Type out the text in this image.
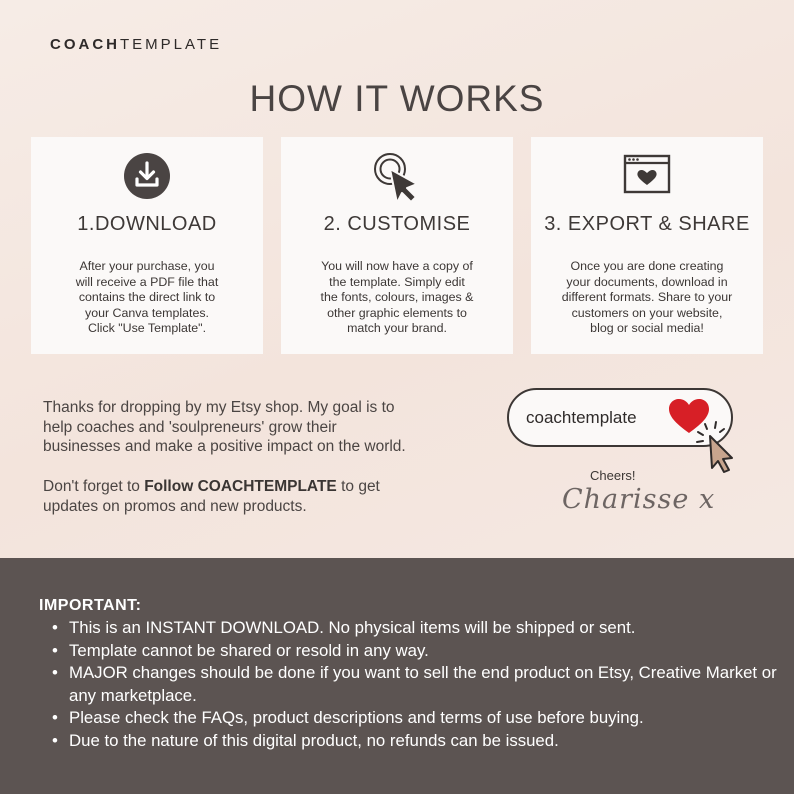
COACHTEMPLATE
HOW IT WORKS
1.DOWNLOAD
After your purchase, you
will receive a PDF file that
contains the direct link to
your Canva templates.
Click "Use Template".
2. CUSTOMISE
You will now have a copy of
the template. Simply edit
the fonts, colours, images &
other graphic elements to
match your brand.
3. EXPORT & SHARE
Once you are done creating
your documents, download in
different formats. Share to your
customers on your website,
blog or social media!
Thanks for dropping by my Etsy shop. My goal is to
help coaches and 'soulpreneurs' grow their
businesses and make a positive impact on the world.
Don't forget to Follow COACHTEMPLATE to get
updates on promos and new products.
coachtemplate
Cheers!
Charisse x
IMPORTANT:
• This is an INSTANT DOWNLOAD. No physical items will be shipped or sent.
• Template cannot be shared or resold in any way.
• MAJOR changes should be done if you want to sell the end product on Etsy, Creative Market or any marketplace.
• Please check the FAQs, product descriptions and terms of use before buying.
• Due to the nature of this digital product, no refunds can be issued.
